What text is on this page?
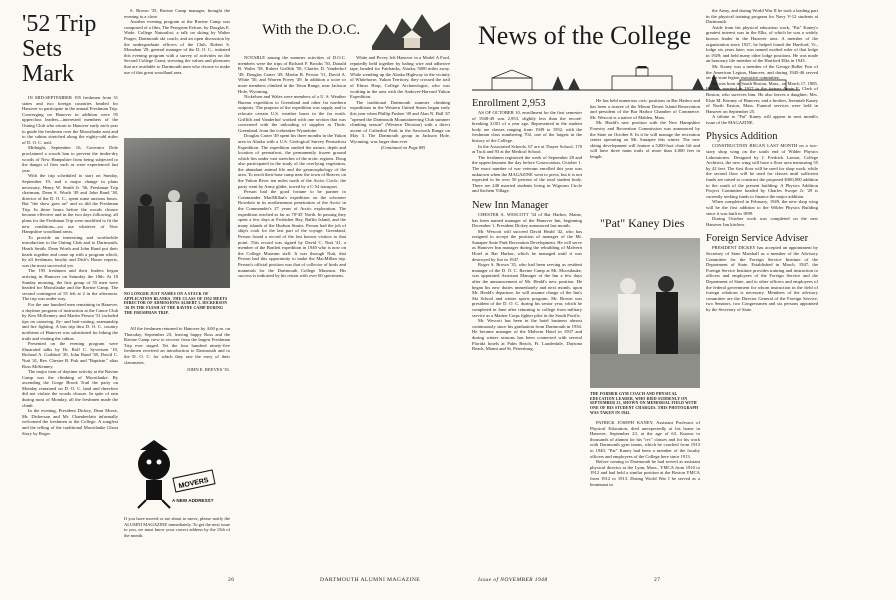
'52 Trip Sets Mark

IN MID-SEPTEMBER 195 freshmen from 31 states and two foreign countries headed for Hanover to participate in the annual Freshman Trip. Converging on Hanover in addition were 95 upperclass leaders—interested members of the Outing Club who return to Hanover early each year to guide the freshmen over the Moosilauke area and to the cabins stretched along the eighty-odd miles of D. O. C. trail.

Midnight, September 16, Governor Dole proclaimed a woods ban to prevent the tinder-dry woods of New Hampshire from being subjected to the danger of fires such as were experienced last year.

With the trip scheduled to start on Sunday, September 19, and a major change in plans necessary, Henry W. Smith Jr. '36, Freshman Trip chairman, Dean S. Worth '49 and John Rand '38, director of the D. O. C., spent some anxious hours. But "the show goes on" and so did the Freshman Trip. In those hours before the woods closure became effective and in the two days following, all plans for the Freshman Trip were modified to fit the new conditions—no use whatever of New Hampshire woodland areas.

To provide an interesting and worthwhile introduction to the Outing Club and to Dartmouth, Heath Smith, Dean Worth and John Rand put their heads together and came up with a program which, by all freshman, faculty and Dick's House reports, was the most successful yet.

The 195 freshmen and their leaders began arriving in Hanover on Saturday the 18th. At 10 Sunday morning, the first group of 55 men were headed for Moosilauke and the Ravine Camp. The second contingent of 55 left at 2 in the afternoon. The trip was under way.

For the one hundred men remaining in Hanover, a daytime program of instruction at the Canoe Club by Ken McKenney and Martin Person '51 included tips on canoeing, fly- and bait-casting, seamanship and fire fighting. A bus trip thru D. O. C. country northeast of Hanover was substituted for hiking the trails and visiting the cabins.

Presented on the evening program were illustrated talks by Dr. Rolf C. Syvertsen '18, Richard A. Goddard '20, John Rand '38, David C. Nutt '41, Rev. Chester B. Fisk and "Baptiste," alias Ross McKenney.

The major item of daytime activity at the Ravine Camp was the climbing of Moosilauke. By ascending the Gorge Brook Trail the party on Monday remained on D. O. C. land and therefore did not violate the woods closure. In spite of rain during most of Monday, all the freshmen made the climb.

In the evening, President Dickey, Dean Morse, Mr. Dickerson and Mr. Chamberlain informally welcomed the freshmen to the College. A songfest and the telling of the traditional Moosilauke Ghost Story by Roger

S. Brown '35, Ravine Camp manager, brought the evening to a close.

Another evening program at the Ravine Camp was composed of a film, The Peregrine Falcon, by Douglas E. Wade, College Naturalist; a talk on skiing by Walter Prager, Dartmouth ski coach; and an open discussion by the undergraduate officers of the Club, Robert S. Monahan '29, general manager of the D. O. C., initiated this evening program with a survey of activities on the Second College Grant, stressing the values and pleasures that are available to Dartmouth men who choose to make use of this great woodland area.

NO LONGER JUST NAMES ON A STACK OF APPLICATION BLANKS, THE CLASS OF 1952 MEETS DIRECTOR OF ADMISSIONS ALBERT I. DICKERSON '20 IN THE FLESH AT THE RAVINE CAMP DURING THE FRESHMAN TRIP.

All the freshmen returned to Hanover by 4:00 p.m. on Thursday, September 23, leaving happy Ross and the Ravine Camp crew to recover from the largest Freshman Trip ever staged. Yet the four hundred ninety-five freshmen received an introduction to Dartmouth and to the D. O. C. for which they rate the envy of their classmates.

JOHN E. REEVES '35.
MOVERS
A NEW ADDRESS?
If you have moved or are about to move, please notify the ALUMNI MAGAZINE immediately. To get the next issue to you, we must know your correct address by the 15th of the month.
With the D.O.C.

NOTABLE among the summer activities of D.O.C. members were the trips of Richard F. Brooks '50, Donald B. Wales '58, Robert Griffith '50, Charles D. Vanderhof '49, Douglas Carter '49, Martin B. Person '51, David A. White '50, and Warren Povey '49. In addition a score or more members climbed in the Teton Range, near Jackson Hole, Wyoming.

Nickelsen and Wales were members of a U. S. Weather Bureau expedition to Greenland and other far northern outposts. The purpose of the expedition was supply and to relocate certain U.S. weather bases in the far north. Griffith and Vanderhof worked with one section that was concerned with the unloading of supplies at Thule, Greenland, from the icebreaker Wyandotte.

Douglas Carter '49 spent his three months in the Yukon area in Alaska with a U.S. Geological Survey Permafrost Expedition. The expedition studied the nature, depth and location of permafrost, the permanently frozen ground which lies under vast stretches of the arctic regions. Doug also participated in the study of the overlying vegetation, the abundant animal life and the geomorphology of the area. To reach their base camp near the town of Beaver, on the Yukon River ten miles north of the Arctic Circle, the party went by Army glider, towed by a C-54 transport.

Person had the good fortune to be partner to Commander MacMillan's expedition on the schooner Bowdoin in its northernmost penetration of the Arctic in the Commander's 27 years of Arctic exploration. The expedition reached as far as 78°45' North. In passing they spent a few days at Frobisher Bay, Baffin Island, and the many islands of the Hudson Straits. Person had the job of ship's cook for the last part of the voyage. Greenland, Person found a record of the last known visitors to that point. This record was signed by David C. Nutt '41, a member of the Bartlett expedition in 1940 who is now on the College Museum staff. It was through Nutt, that Person had this opportunity to make the MacMillan trip. Person's official position was that of collector of birds and mammals for the Dartmouth College Museum. His success is indicated by his return with over 60 specimens.

White and Povey left Hanover in a Model A Ford, reputedly held together by baling wire and adhesive tape, headed for Fairbanks, Alaska, 5000 miles away. While wending up the Alaska Highway in the vicinity of Whitehorse, Yukon Territory, they crossed the trail of Elmer Harp, College Archaeologist, who was working in the area with the Andover-Harvard Yukon Expedition.

The traditional Dartmouth summer climbing expeditions in the Western United States began early this year when Phillip Pushee '49 and Alan N. Hall '47 "opened the Dartmouth Mountaineering Club summer climbing season" (Western Division) with a direct ascent of Cathedral Peak in the Sawtooth Range on May 3. The Dartmouth group in Jackson Hole, Wyoming, was larger than ever

(Continued on Page 88)

26	DARTMOUTH ALUMNI MAGAZINE
News of the College
Enrollment 2,953

AS OF OCTOBER 10, enrollment for the first semester of 1948-49 was 2,953, slightly less than the record-breaking 3,001 of a year ago. Represented in the student body are classes ranging from 1949 to 1952, with the freshman class numbering 702, one of the largest in the history of the College.

In the Associated Schools, 67 are at Thayer School, 170 at Tuck and 93 at the Medical School.

The freshmen registered the week of September 28 and the upperclassmen the day before Convocation, October 1. The exact number of war veterans enrolled this year was unknown when the MAGAZINE went to press, but it is not expected to be over 50 percent of the total student body. There are 248 married students living in Wigwam Circle and Sachem Village.

New Inn Manager

CHESTER A. WESCOTT '34 of Bar Harbor, Maine, has been named manager of the Hanover Inn, beginning December 1, President Dickey announced last month.

Mr. Wescott will succeed David Heald '42, who has resigned to accept the position of manager of the Mt. Sunapee State Park Recreation Development. He will serve as Hanover Inn manager during the rebuilding of Malvern Hotel at Bar Harbor, which he managed until it was destroyed by fire in 1947.

Roger S. Brown '35, who had been serving as resident manager of the D. O. C. Ravine Camp at Mt. Moosilauke, was appointed Assistant Manager of the Inn a few days after the announcement of Mr. Heald's new position. He began his new duties immediately and next month, upon Mr. Heald's departure, he will assume charge of the Inn's Ski School and winter sports program. Mr. Brown was president of the D. O. C. during his senior year, which he completed in June after returning to college from military service as a Marine Corps fighter pilot in the South Pacific.

Mr. Wescott has been in the hotel business almost continuously since his graduation from Dartmouth in 1934. He became manager of the Malvern Hotel in 1937 and during winter seasons has been connected with several Florida hotels at Palm Beach, Ft. Lauderdale, Daytona Beach, Miami and St. Petersburg.

He has held numerous civic positions in Bar Harbor and has been a trustee of the Mount Desert Island Reservation and president of the Bar Harbor Chamber of Commerce. Mr. Wescott is a native of Malden, Mass.

Mr. Heald's new position with the New Hampshire Forestry and Recreation Commission was announced by the State on October 8. In it he will manage the recreation center operating on Mt. Sunapee this winter. The new skiing development will feature a 5200-foot chair lift and will have three main trails of more than 4,000 feet in length.

"Pat" Kaney Dies
THE FORMER GYM COACH AND PHYSICAL EDUCATION LEADER, WHO DIED SUDDENLY ON SEPTEMBER 23, SHOWN ON MEMORIAL FIELD WITH ONE OF HIS STUDENT CHARGES. THIS PHOTOGRAPH WAS TAKEN IN 1942.

PATRICK JOSEPH KANEY, Assistant Professor of Physical Education, died unexpectedly at his home in Hanover, September 23, at the age of 63. Known to thousands of alumni for his "rec" classes and for his work with Dartmouth gym teams, which he coached from 1913 to 1940, "Pat" Kaney had been a member of the faculty officers and employees of the College here since 1913.

Before coming to Dartmouth he had served as assistant physical director at the Lynn, Mass., YMCA from 1910 to 1912 and had held a similar position at the Boston YMCA from 1912 to 1913. During World War I he served as a lieutenant in

the Army, and during World War II he took a leading part in the physical training program for Navy V-12 students at Dartmouth.

Aside from his physical education work, "Pat" Kaney's greatest interest was in the Elks, of which he was a widely known leader in the Hanover area. A member of the organization since 1927, he helped found the Hartford, Vt., lodge six years later; was named exalted ruler of that lodge in 1929; and held many other lodge positions. He was made an honorary life member of the Hartford Elks in 1943.

Mr. Kaney was a member of the George Ridler Post of the American Legion, Hanover, and during 1945-46 served on the state legion executive committee.

He was born in South Boston, Mass., on March 17, 1885. He was married in 1917 to the former Annie E. Clark of Boston, who survives him. He also leaves a daughter, Mrs. Elsie M. Kenney of Hanover, and a brother, Jeremiah Kaney of North Easton, Mass. Funeral services were held in Hanover on September 25.

A tribute to "Pat" Kaney will appear in next month's issue of the MAGAZINE.

Physics Addition

CONSTRUCTION BEGAN LAST MONTH on a two-story shop wing on the south end of Wilder Physics Laboratories. Designed by J. Fredrick Larson, College Architect, the new wing will have a floor area measuring 55 by 42 feet. The first floor will be used for shop work, while the second floor will be used for classes until sufficient funds are raised to construct the proposed $300,000 addition to the south of the present building. A Physics Addition Project Committee headed by Charles Swope Jr. '29 is currently seeking funds to finance the major addition.

When completed in February, 1949, the new shop wing will be the first addition to the Wilder Physics Building since it was built in 1899.

During October work was completed on the new Hanover Inn kitchen.

Foreign Service Adviser

PRESIDENT DICKEY has accepted an appointment by Secretary of State Marshall as a member of the Advisory Committee for the Foreign Service Institute of the Department of State. Established in March, 1947, the Foreign Service Institute provides training and instruction to officers and employees of the Foreign Service and the Department of State, and to other officers and employees of the federal government for whom instruction in the field of foreign relations is necessary. Members of the advisory committee are the Director General of the Foreign Service, two Senators, two Congressmen and six persons appointed by the Secretary of State.

Issue of NOVEMBER 1948	27
